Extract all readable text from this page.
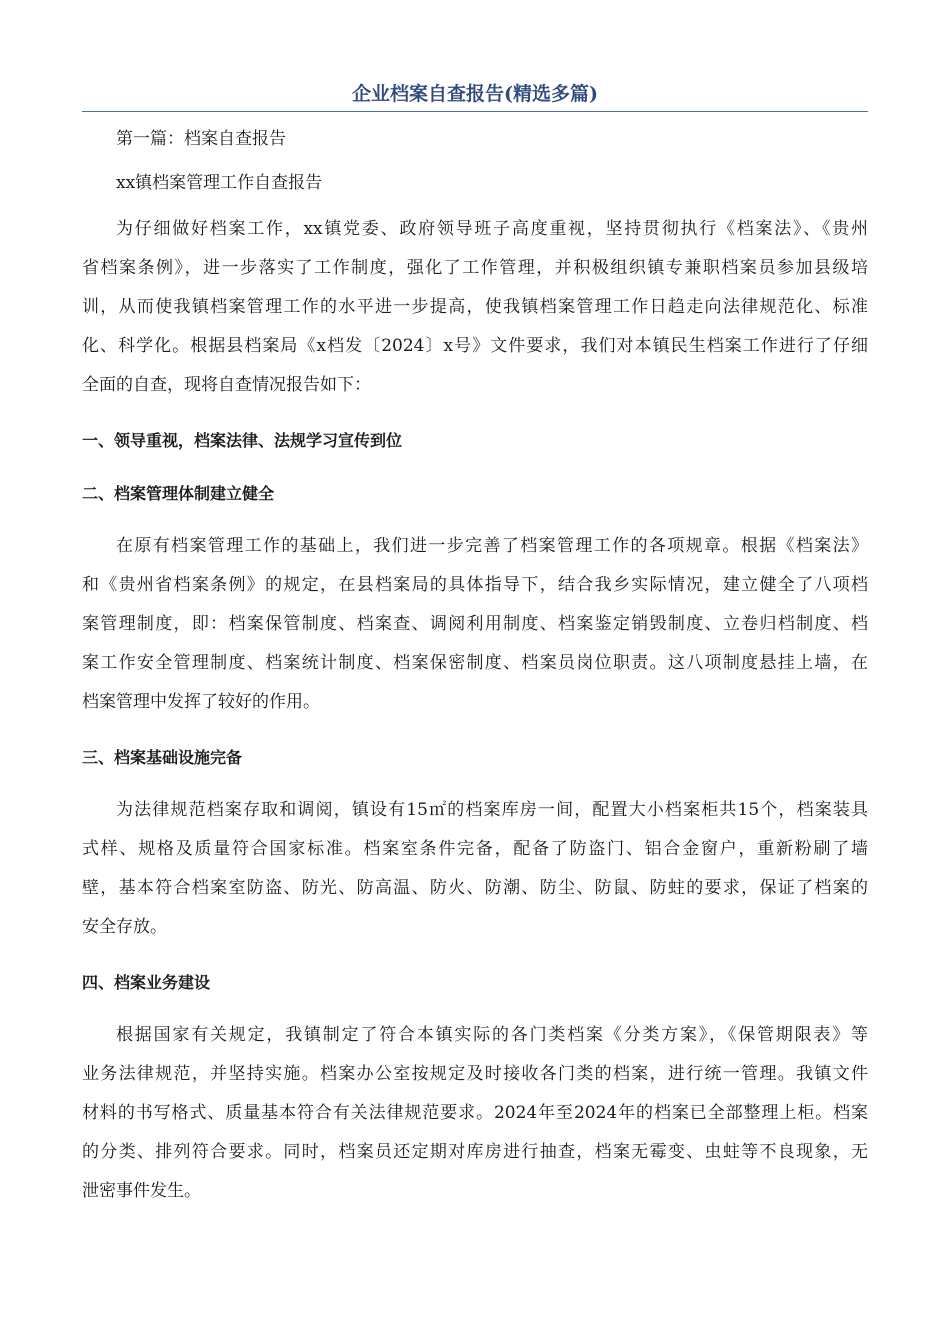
企业档案自查报告(精选多篇)

第一篇：档案自查报告

xx镇档案管理工作自查报告

为仔细做好档案工作，xx镇党委、政府领导班子高度重视，坚持贯彻执行《档案法》、《贵州
省档案条例》，进一步落实了工作制度，强化了工作管理，并积极组织镇专兼职档案员参加县级培
训，从而使我镇档案管理工作的水平进一步提高，使我镇档案管理工作日趋走向法律规范化、标准
化、科学化。根据县档案局《x档发〔2024〕x号》文件要求，我们对本镇民生档案工作进行了仔细
全面的自查，现将自查情况报告如下：
一、领导重视，档案法律、法规学习宣传到位
二、档案管理体制建立健全
在原有档案管理工作的基础上，我们进一步完善了档案管理工作的各项规章。根据《档案法》
和《贵州省档案条例》的规定，在县档案局的具体指导下，结合我乡实际情况，建立健全了八项档
案管理制度，即：档案保管制度、档案查、调阅利用制度、档案鉴定销毁制度、立卷归档制度、档
案工作安全管理制度、档案统计制度、档案保密制度、档案员岗位职责。这八项制度悬挂上墙，在
档案管理中发挥了较好的作用。
三、档案基础设施完备
为法律规范档案存取和调阅，镇设有15㎡的档案库房一间，配置大小档案柜共15个，档案装具
式样、规格及质量符合国家标准。档案室条件完备，配备了防盗门、铝合金窗户，重新粉刷了墙
壁，基本符合档案室防盗、防光、防高温、防火、防潮、防尘、防鼠、防蛀的要求，保证了档案的
安全存放。
四、档案业务建设
根据国家有关规定，我镇制定了符合本镇实际的各门类档案《分类方案》，《保管期限表》等
业务法律规范，并坚持实施。档案办公室按规定及时接收各门类的档案，进行统一管理。我镇文件
材料的书写格式、质量基本符合有关法律规范要求。2024年至2024年的档案已全部整理上柜。档案
的分类、排列符合要求。同时，档案员还定期对库房进行抽查，档案无霉变、虫蛀等不良现象，无
泄密事件发生。
